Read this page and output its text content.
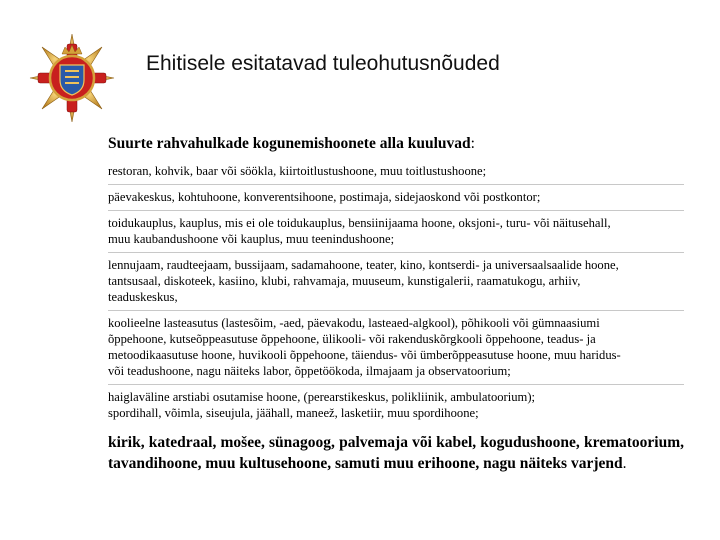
Ehitisele esitatavad tuleohutusnõuded
Suurte rahvahulkade kogunemishoonete alla kuuluvad:
restoran, kohvik, baar või söökla, kiirtoitlustushoone, muu toitlustushoone;
päevakeskus, kohtuhoone, konverentsihoone, postimaja, sidejaoskond või postkontor;
toidukauplus, kauplus, mis ei ole toidukauplus, bensiinijaama hoone, oksjoni-, turu- või näitusehall,
muu kaubandushoone või kauplus, muu teenindushoone;
lennujaam, raudteejaam, bussijaam, sadamahoone, teater, kino, kontserdi- ja universaalsaalide hoone,
tantsusaal, diskoteek, kasiino, klubi, rahvamaja, muuseum, kunstigalerii, raamatukogu, arhiiv,
teaduskeskus,
koolieelne lasteasutus (lastesõim, -aed, päevakodu, lasteaed-algkool), põhikooli või gümnaasiumi
õppehoone, kutseõppeasutuse õppehoone, ülikooli- või rakenduskõrgkooli õppehoone, teadus- ja
metoodikaasutuse hoone, huvikooli õppehoone, täiendus- või ümberõppeasutuse hoone, muu haridus-
või teadushoone, nagu näiteks labor, õppetöökoda, ilmajaam ja observatoorium;
haiglaväline arstiabi osutamise hoone, (perearstikeskus, polikliinik, ambulatoorium);
spordihall, võimla, siseujula, jäähall, maneež, lasketiir, muu spordihoone;
kirik, katedraal, mošee, sünagoog, palvemaja või kabel, kogudushoone, krematoorium, tavandihoone, muu kultusehoone, samuti muu erihoone, nagu näiteks varjend.
